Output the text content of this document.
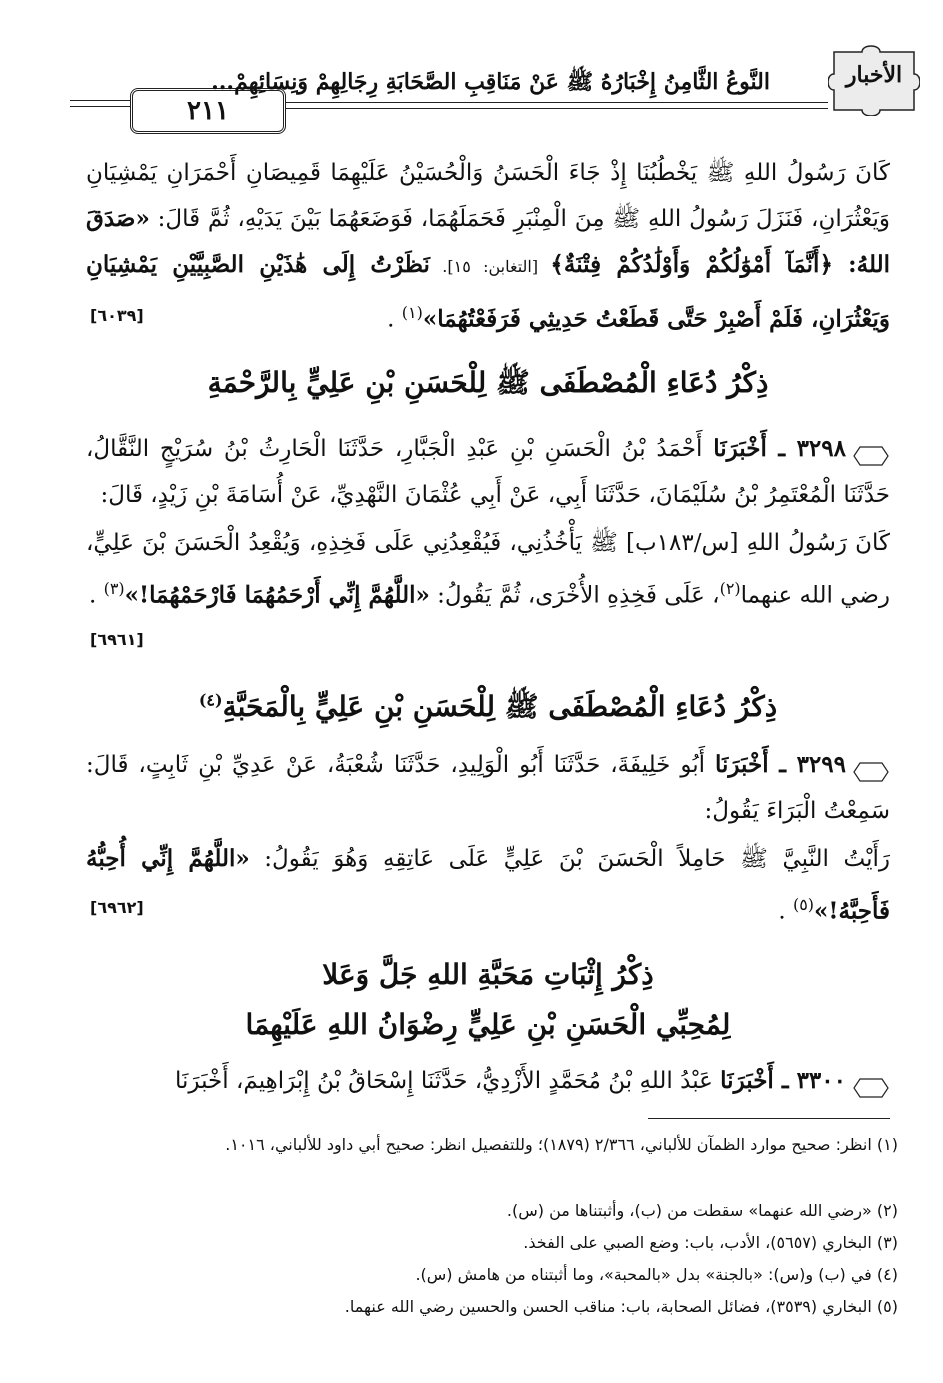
٢١١
النَّوعُ الثَّامِنُ إِخْبَارُهُ ﷺ عَنْ مَنَاقِبِ الصَّحَابَةِ رِجَالِهِمْ وَنِسَائِهِمْ...	الأخبار
كَانَ رَسُولُ اللهِ ﷺ يَخْطُبُنَا إِذْ جَاءَ الْحَسَنُ وَالْحُسَيْنُ عَلَيْهِمَا قَمِيصَانِ أَحْمَرَانِ يَمْشِيَانِ وَيَعْثُرَانِ، فَنَزَلَ رَسُولُ اللهِ ﷺ مِنَ الْمِنْبَرِ فَحَمَلَهُمَا، فَوَضَعَهُمَا بَيْنَ يَدَيْهِ، ثُمَّ قَالَ: «صَدَقَ اللهُ: ﴿أَنَّمَآ أَمْوَٰلُكُمْ وَأَوْلَٰدُكُمْ فِتْنَةٌ﴾ [التغابن: ١٥]. نَظَرْتُ إِلَى هَٰذَيْنِ الصَّبِيَّيْنِ يَمْشِيَانِ وَيَعْثُرَانِ، فَلَمْ أَصْبِرْ حَتَّى قَطَعْتُ حَدِيثِي فَرَفَعْتُهُمَا»$^{(١)}$ .
[٦٠٣٩]
ذِكْرُ دُعَاءِ الْمُصْطَفَى ﷺ لِلْحَسَنِ بْنِ عَلِيٍّ بِالرَّحْمَةِ
٣٢٩٨ ـ أَخْبَرَنَا أَحْمَدُ بْنُ الْحَسَنِ بْنِ عَبْدِ الْجَبَّارِ، حَدَّثَنَا الْحَارِثُ بْنُ سُرَيْجٍ النَّقَّالُ، حَدَّثَنَا الْمُعْتَمِرُ بْنُ سُلَيْمَانَ، حَدَّثَنَا أَبِي، عَنْ أَبِي عُثْمَانَ النَّهْدِيِّ، عَنْ أُسَامَةَ بْنِ زَيْدٍ، قَالَ:
كَانَ رَسُولُ اللهِ [س/١٨٣ب] ﷺ يَأْخُذُنِي، فَيُقْعِدُنِي عَلَى فَخِذِهِ، وَيُقْعِدُ الْحَسَنَ بْنَ عَلِيٍّ، رضي الله عنهما$^{(٢)}$، عَلَى فَخِذِهِ الأُخْرَى، ثُمَّ يَقُولُ: «اللَّهُمَّ إِنِّي أَرْحَمُهُمَا فَارْحَمْهُمَا!»$^{(٣)}$ .
[٦٩٦١]
ذِكْرُ دُعَاءِ الْمُصْطَفَى ﷺ لِلْحَسَنِ بْنِ عَلِيٍّ بِالْمَحَبَّةِ$^{(٤)}$
٣٢٩٩ ـ أَخْبَرَنَا أَبُو خَلِيفَةَ، حَدَّثَنَا أَبُو الْوَلِيدِ، حَدَّثَنَا شُعْبَةُ، عَنْ عَدِيِّ بْنِ ثَابِتٍ، قَالَ: سَمِعْتُ الْبَرَاءَ يَقُولُ:
رَأَيْتُ النَّبِيَّ ﷺ حَامِلاً الْحَسَنَ بْنَ عَلِيٍّ عَلَى عَاتِقِهِ وَهُوَ يَقُولُ: «اللَّهُمَّ إِنِّي أُحِبُّهُ فَأَحِبَّهُ!»$^{(٥)}$ .
[٦٩٦٢]
ذِكْرُ إِثْبَاتِ مَحَبَّةِ اللهِ جَلَّ وَعَلا
لِمُحِبِّي الْحَسَنِ بْنِ عَلِيٍّ رِضْوَانُ اللهِ عَلَيْهِمَا
٣٣٠٠ ـ أَخْبَرَنَا عَبْدُ اللهِ بْنُ مُحَمَّدٍ الأَزْدِيُّ، حَدَّثَنَا إِسْحَاقُ بْنُ إِبْرَاهِيمَ، أَخْبَرَنَا
(١) انظر: صحيح موارد الظمآن للألباني، ٢/٣٦٦ (١٨٧٩)؛ وللتفصيل انظر: صحيح أبي داود للألباني، ١٠١٦.
(٢) «رضي الله عنهما» سقطت من (ب)، وأثبتناها من (س).
(٣) البخاري (٥٦٥٧)، الأدب، باب: وضع الصبي على الفخذ.
(٤) في (ب) و(س): «بالجنة» بدل «بالمحبة»، وما أثبتناه من هامش (س).
(٥) البخاري (٣٥٣٩)، فضائل الصحابة، باب: مناقب الحسن والحسين رضي الله عنهما.
